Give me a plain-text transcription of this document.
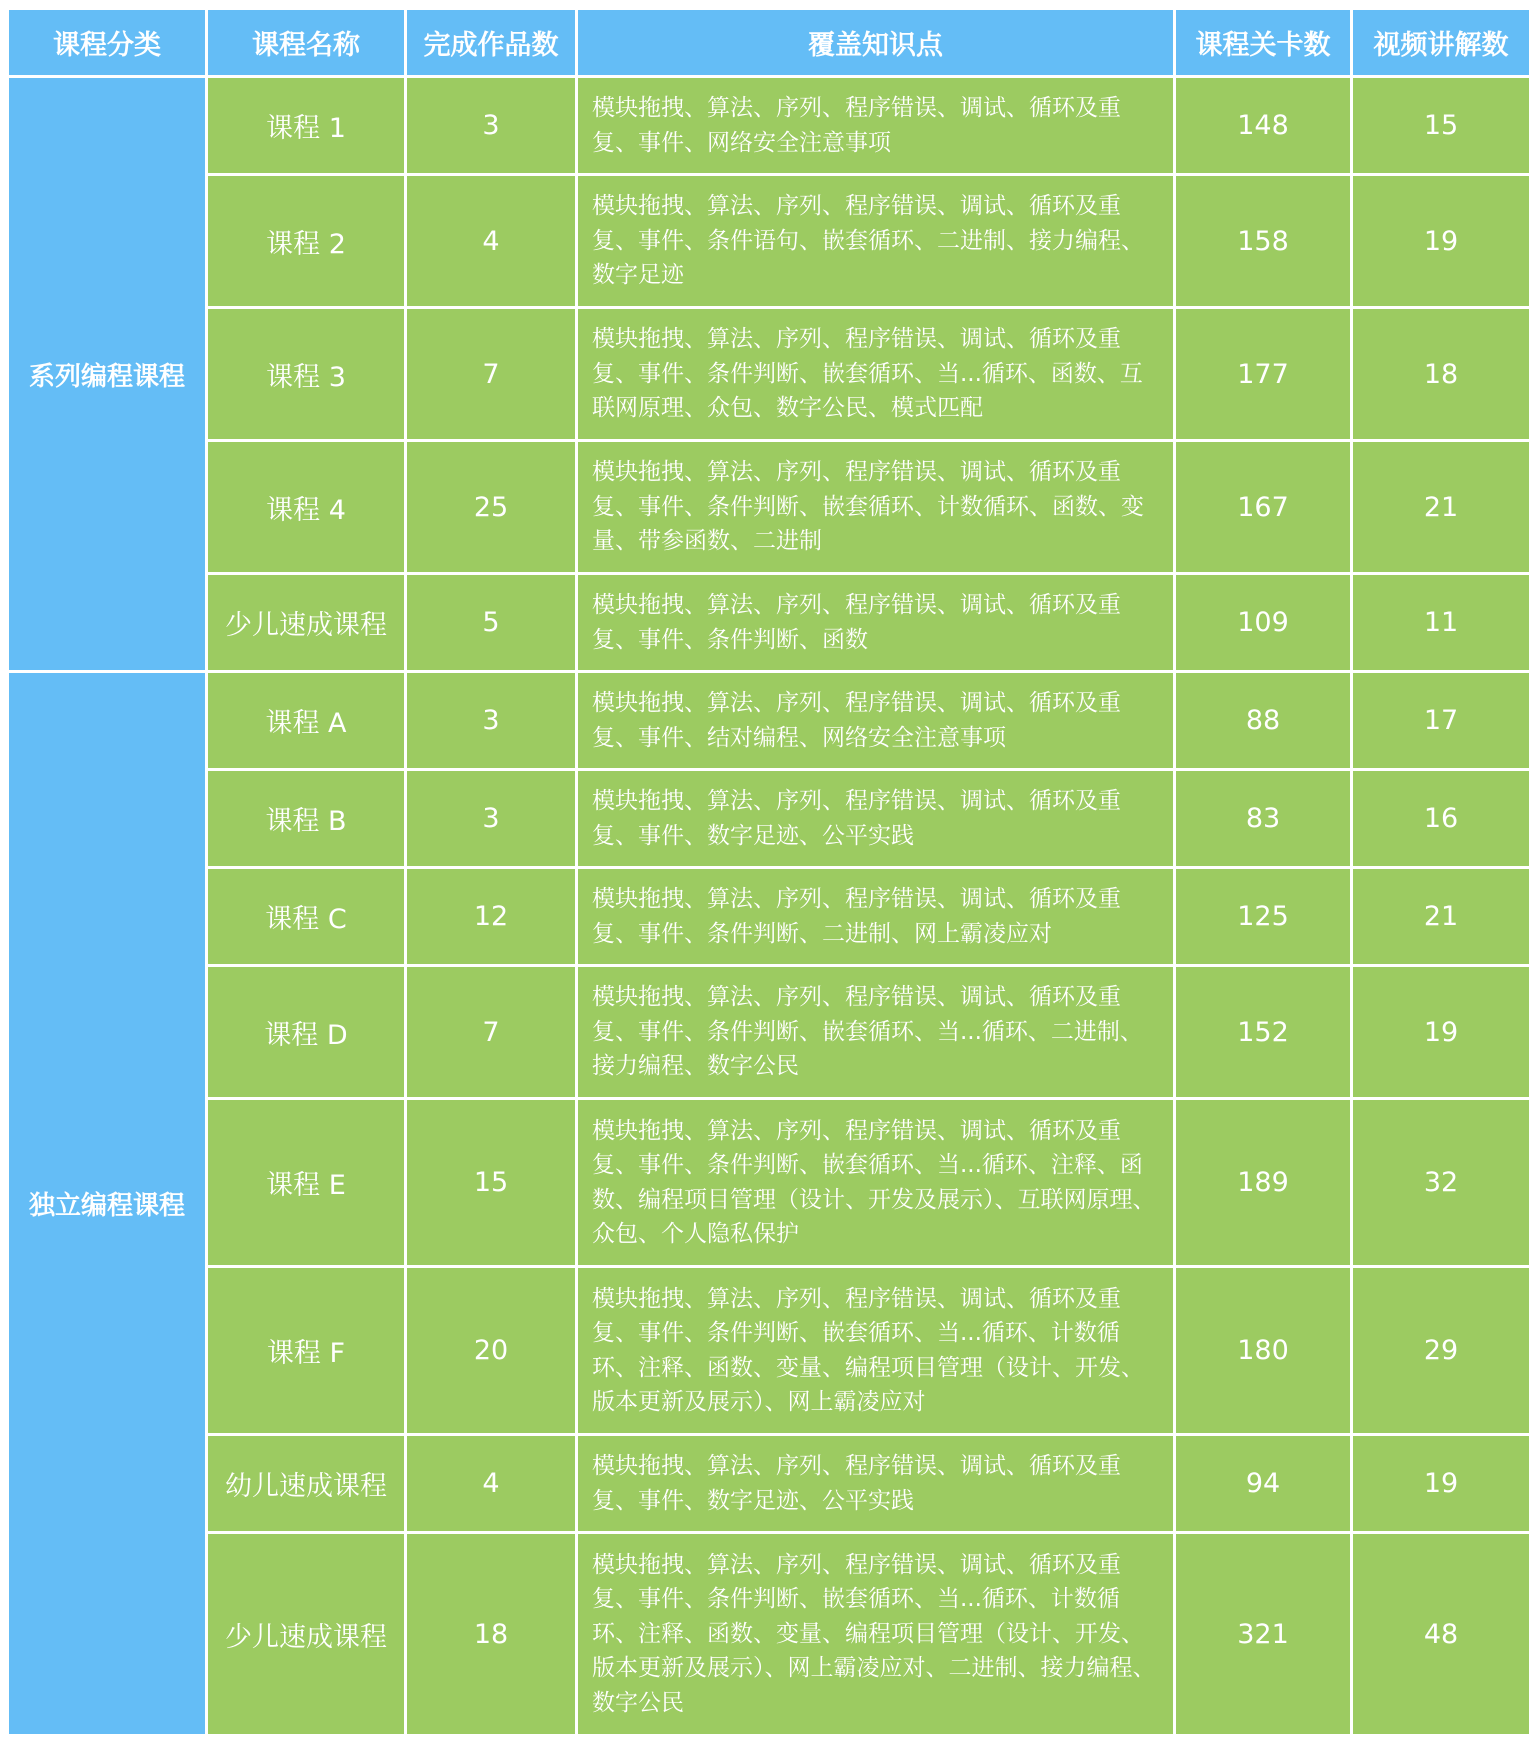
课程分类	课程名称	完成作品数	覆盖知识点	课程关卡数	视频讲解数
系列编程课程	课程 1	3	模块拖拽、算法、序列、程序错误、调试、循环及重复、事件、网络安全注意事项	148	15
	课程 2	4	模块拖拽、算法、序列、程序错误、调试、循环及重复、事件、条件语句、嵌套循环、二进制、接力编程、数字足迹	158	19
	课程 3	7	模块拖拽、算法、序列、程序错误、调试、循环及重复、事件、条件判断、嵌套循环、当...循环、函数、互联网原理、众包、数字公民、模式匹配	177	18
	课程 4	25	模块拖拽、算法、序列、程序错误、调试、循环及重复、事件、条件判断、嵌套循环、计数循环、函数、变量、带参函数、二进制	167	21
	少儿速成课程	5	模块拖拽、算法、序列、程序错误、调试、循环及重复、事件、条件判断、函数	109	11
独立编程课程	课程 A	3	模块拖拽、算法、序列、程序错误、调试、循环及重复、事件、结对编程、网络安全注意事项	88	17
	课程 B	3	模块拖拽、算法、序列、程序错误、调试、循环及重复、事件、数字足迹、公平实践	83	16
	课程 C	12	模块拖拽、算法、序列、程序错误、调试、循环及重复、事件、条件判断、二进制、网上霸凌应对	125	21
	课程 D	7	模块拖拽、算法、序列、程序错误、调试、循环及重复、事件、条件判断、嵌套循环、当...循环、二进制、接力编程、数字公民	152	19
	课程 E	15	模块拖拽、算法、序列、程序错误、调试、循环及重复、事件、条件判断、嵌套循环、当...循环、注释、函数、编程项目管理（设计、开发及展示）、互联网原理、众包、个人隐私保护	189	32
	课程 F	20	模块拖拽、算法、序列、程序错误、调试、循环及重复、事件、条件判断、嵌套循环、当...循环、计数循环、注释、函数、变量、编程项目管理（设计、开发、版本更新及展示）、网上霸凌应对	180	29
	幼儿速成课程	4	模块拖拽、算法、序列、程序错误、调试、循环及重复、事件、数字足迹、公平实践	94	19
	少儿速成课程	18	模块拖拽、算法、序列、程序错误、调试、循环及重复、事件、条件判断、嵌套循环、当...循环、计数循环、注释、函数、变量、编程项目管理（设计、开发、版本更新及展示）、网上霸凌应对、二进制、接力编程、数字公民	321	48
